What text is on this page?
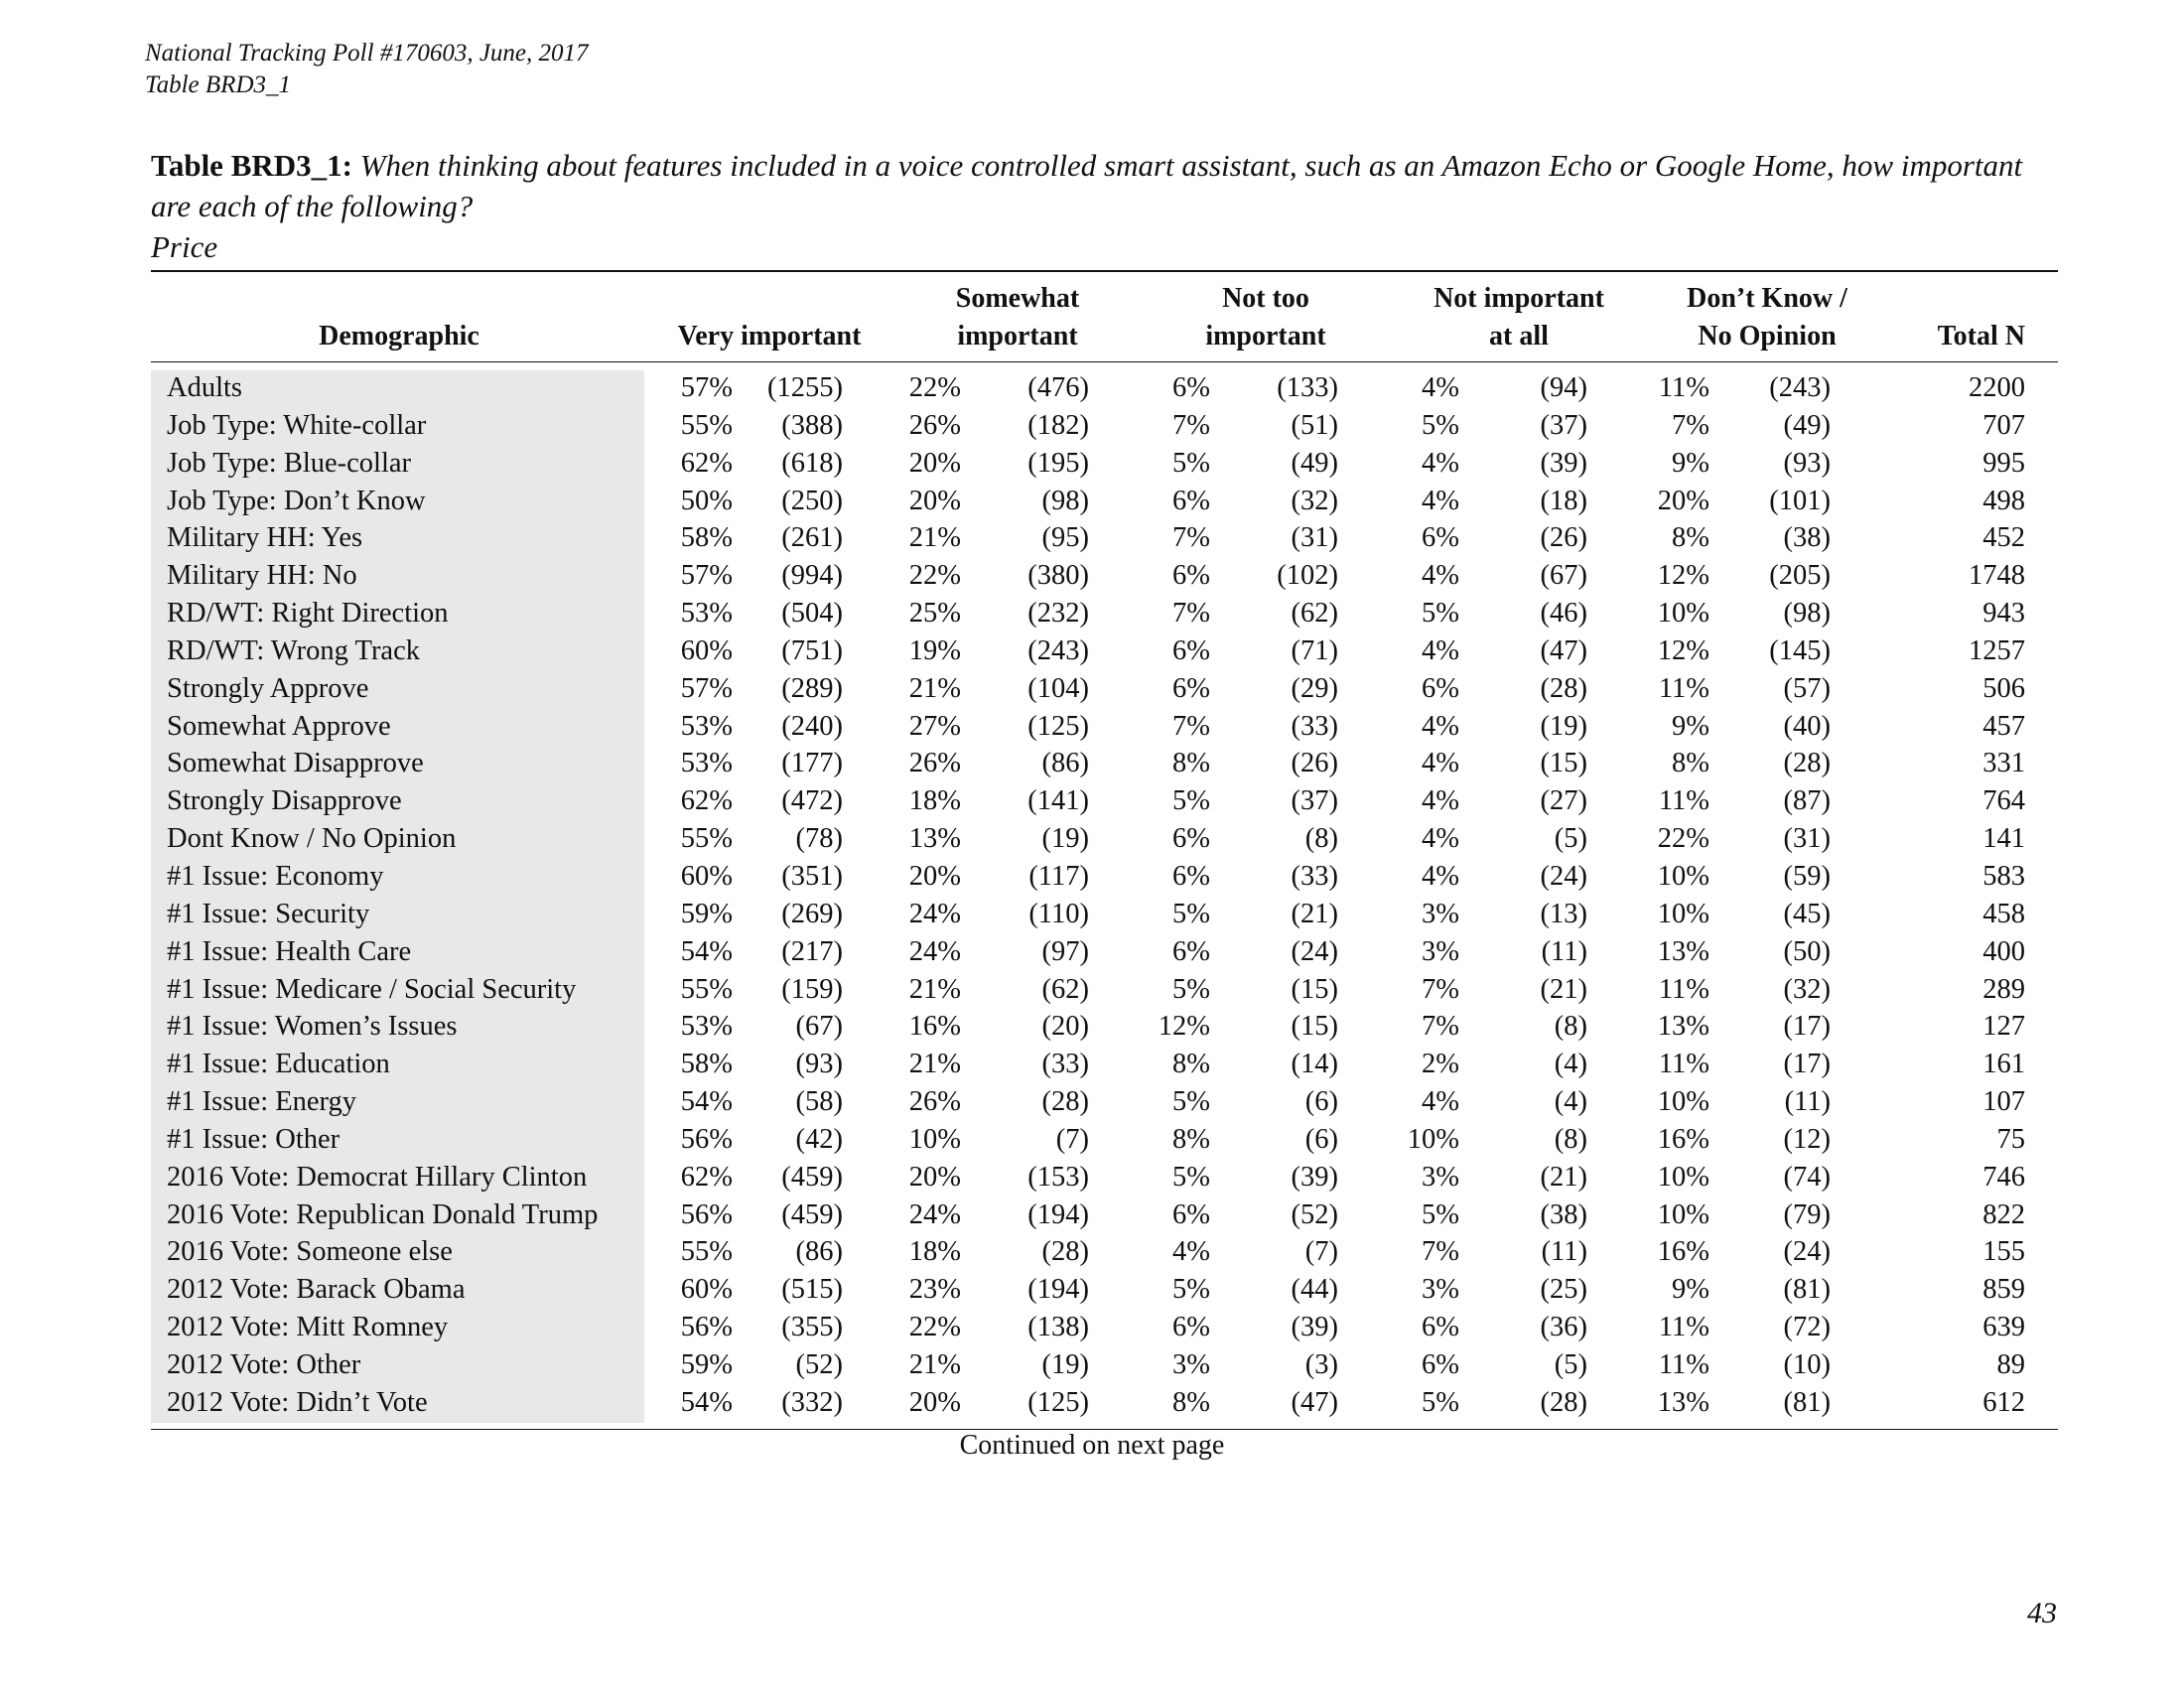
National Tracking Poll #170603, June, 2017
Table BRD3_1
Table BRD3_1: When thinking about features included in a voice controlled smart assistant, such as an Amazon Echo or Google Home, how important are each of the following?
Price
Demographic	Very important
Somewhat
important
Not too
important
Not important
at all
Don’t Know /
No Opinion	Total N
Adults	57% (1255) 22% (476)	6% (133)	4%	(94)	11% (243)	2200
Job Type: White-collar	55% (388) 26% (182)	7%	(51)	5%	(37)	7%	(49)	707
Job Type: Blue-collar	62% (618) 20% (195)	5%	(49)	4%	(39)	9%	(93)	995
Job Type: Don’t Know	50% (250) 20%	(98)	6%	(32)	4%	(18) 20% (101)	498
Military HH: Yes	58% (261) 21%	(95)	7%	(31)	6%	(26)	8%	(38)	452
Military HH: No	57% (994) 22% (380)	6% (102)	4%	(67) 12% (205)	1748
RD/WT: Right Direction	53% (504) 25% (232)	7%	(62)	5%	(46) 10%	(98)	943
RD/WT: Wrong Track	60% (751) 19% (243)	6%	(71)	4%	(47) 12% (145)	1257
Strongly Approve	57% (289) 21% (104)	6%	(29)	6%	(28)	11%	(57)	506
Somewhat Approve	53% (240) 27% (125)	7%	(33)	4%	(19)	9%	(40)	457
Somewhat Disapprove	53% (177) 26%	(86)	8%	(26)	4%	(15)	8%	(28)	331
Strongly Disapprove	62% (472) 18% (141)	5%	(37)	4%	(27)	11%	(87)	764
Dont Know / No Opinion	55% (78) 13%	(19)	6%	(8)	4%	(5) 22%	(31)	141
#1 Issue: Economy	60% (351) 20% (117)	6%	(33)	4%	(24) 10%	(59)	583
#1 Issue: Security	59% (269) 24% (110)	5%	(21)	3%	(13) 10%	(45)	458
#1 Issue: Health Care	54% (217) 24%	(97)	6%	(24)	3%	(11) 13%	(50)	400
#1 Issue: Medicare / Social Security	55% (159) 21%	(62)	5%	(15)	7%	(21)	11%	(32)	289
#1 Issue: Women’s Issues	53% (67) 16%	(20) 12%	(15)	7%	(8) 13%	(17)	127
#1 Issue: Education	58% (93) 21%	(33)	8%	(14)	2%	(4)	11%	(17)	161
#1 Issue: Energy	54% (58) 26%	(28)	5%	(6)	4%	(4) 10%	(11)	107
#1 Issue: Other	56% (42) 10%	(7)	8%	(6) 10%	(8) 16%	(12)	75
2016 Vote: Democrat Hillary Clinton	62% (459) 20% (153)	5%	(39)	3%	(21) 10%	(74)	746
2016 Vote: Republican Donald Trump	56% (459) 24% (194)	6%	(52)	5%	(38) 10%	(79)	822
2016 Vote: Someone else	55% (86) 18%	(28)	4%	(7)	7%	(11) 16%	(24)	155
2012 Vote: Barack Obama	60% (515) 23% (194)	5%	(44)	3%	(25)	9%	(81)	859
2012 Vote: Mitt Romney	56% (355) 22% (138)	6%	(39)	6%	(36)	11%	(72)	639
2012 Vote: Other	59% (52) 21%	(19)	3%	(3)	6%	(5)	11%	(10)	89
2012 Vote: Didn’t Vote	54% (332) 20% (125)	8%	(47)	5%	(28) 13%	(81)	612
Continued on next page
43
